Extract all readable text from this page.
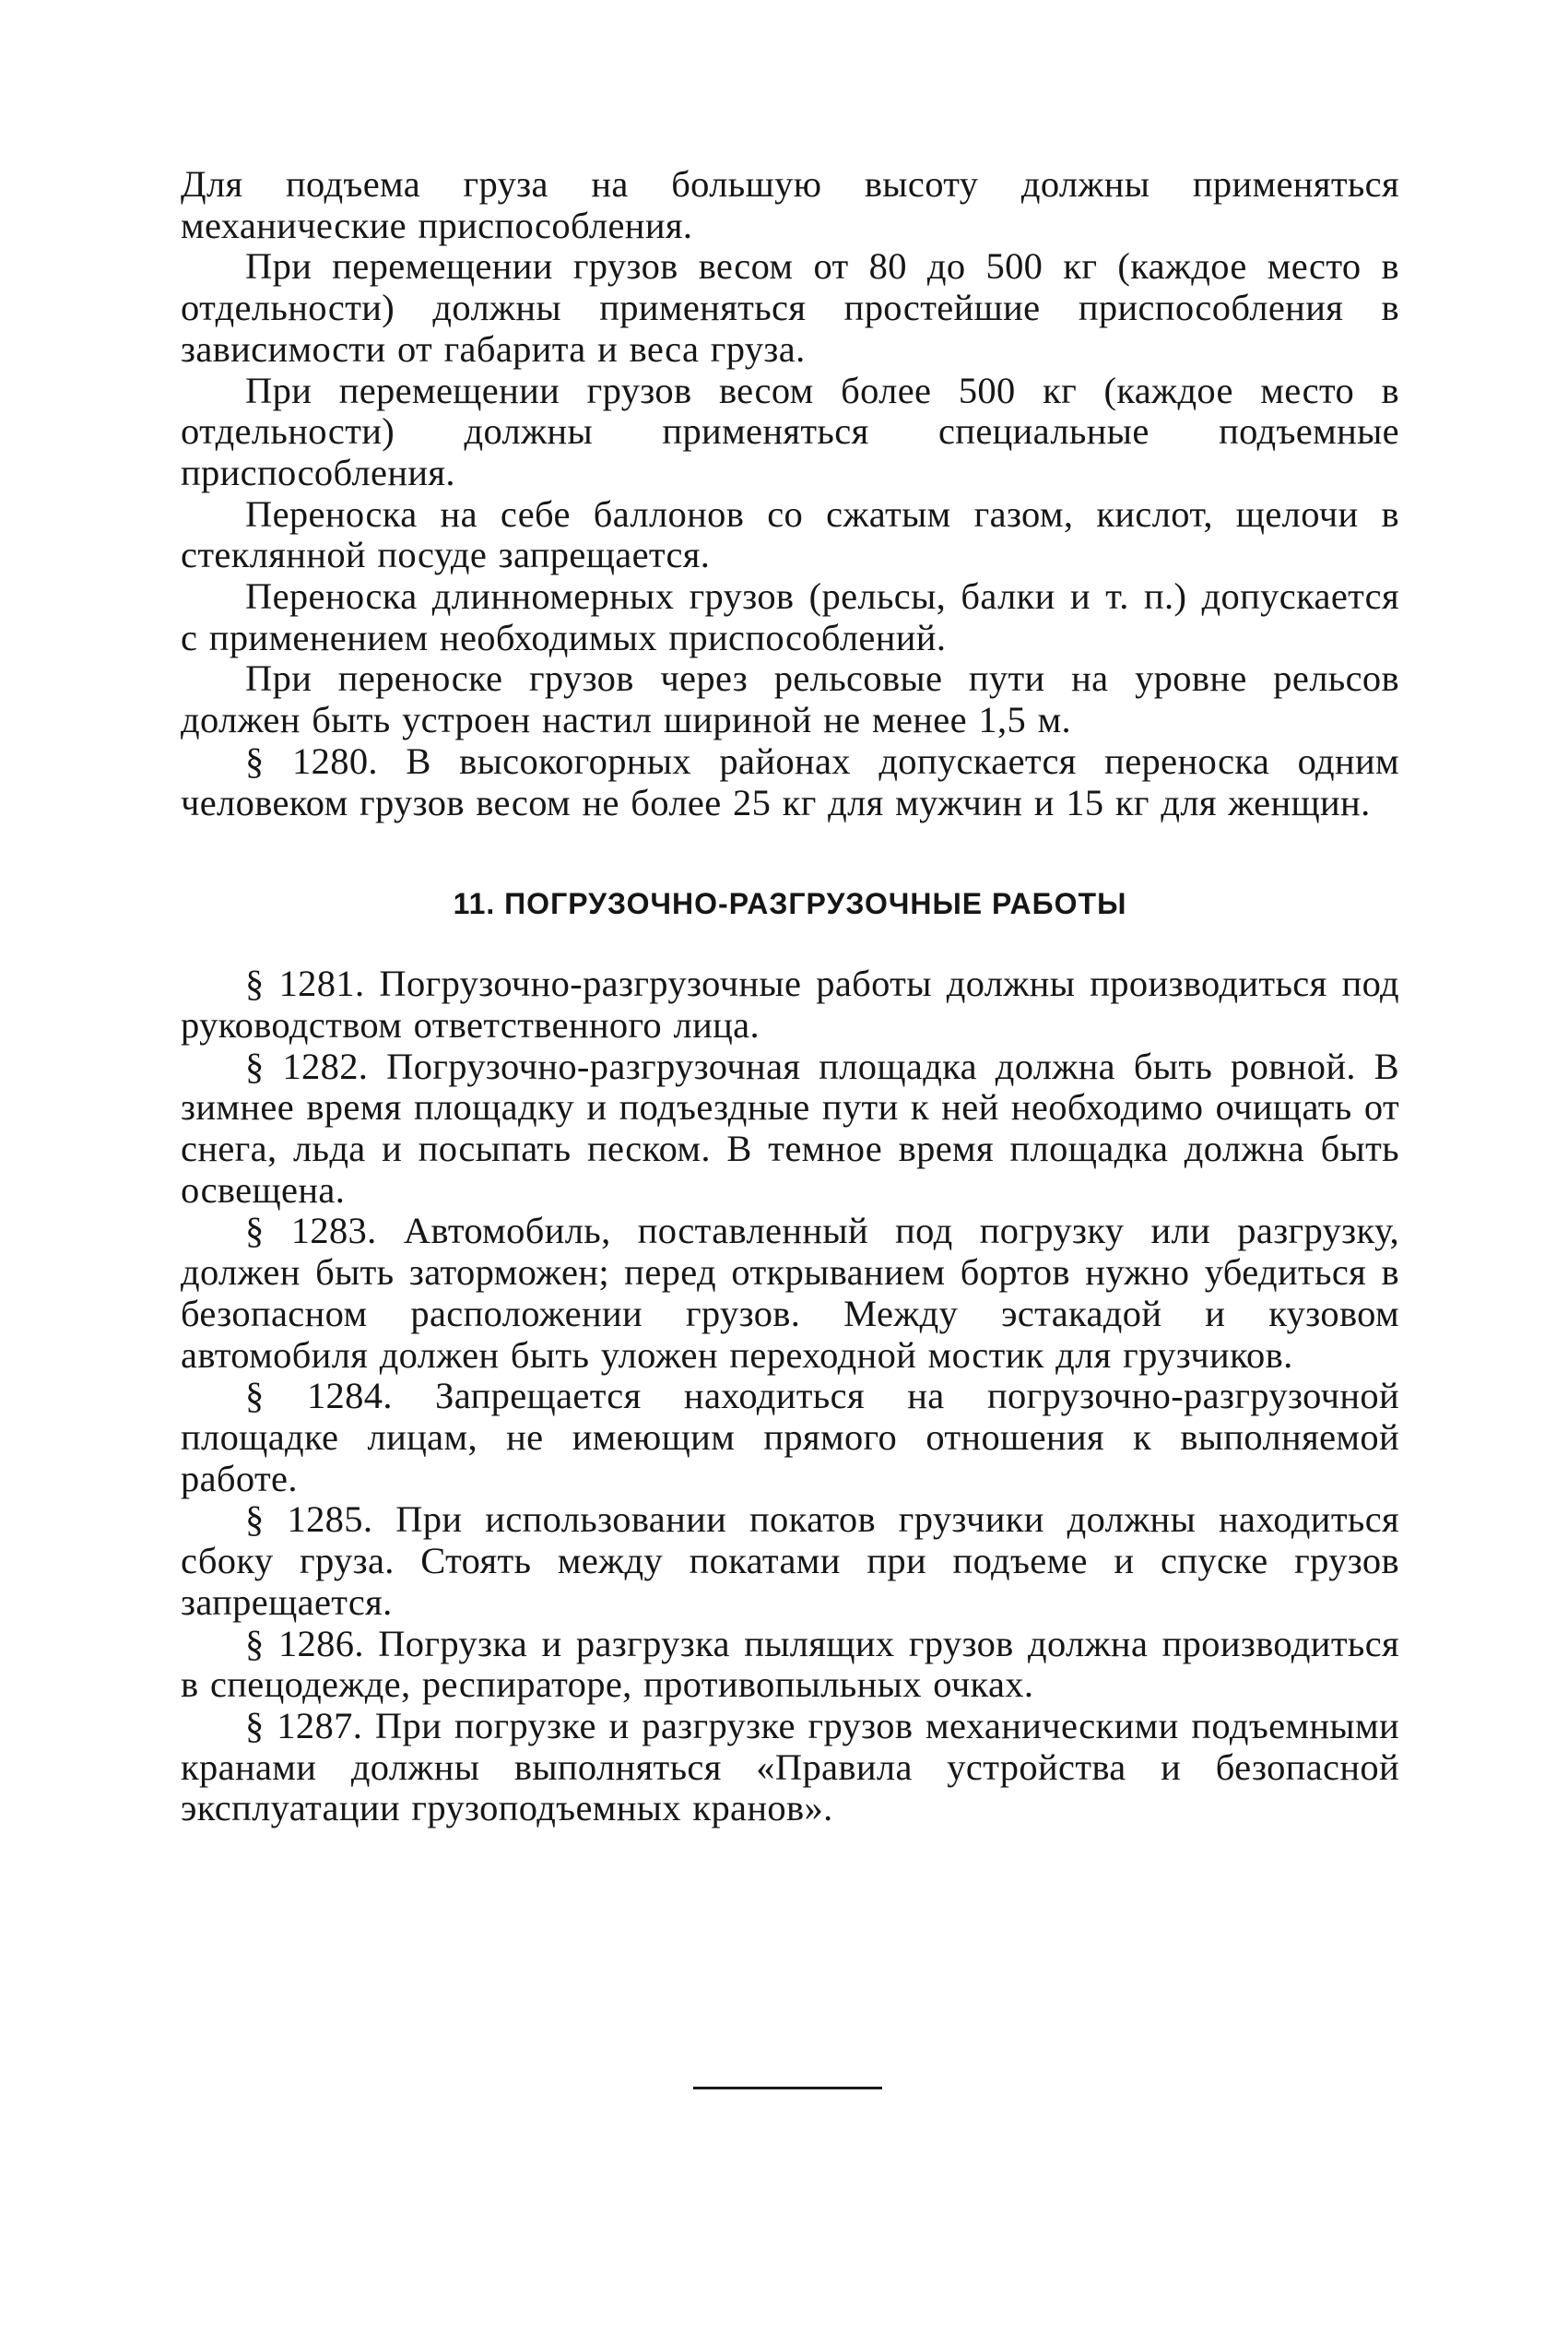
Для подъема груза на большую высоту должны применяться механические приспособления.

При перемещении грузов весом от 80 до 500 кг (каждое место в отдельности) должны применяться простейшие приспособления в зависимости от габарита и веса груза.

При перемещении грузов весом более 500 кг (каждое место в отдельности) должны применяться специальные подъемные приспособления.

Переноска на себе баллонов со сжатым газом, кислот, щелочи в стеклянной посуде запрещается.

Переноска длинномерных грузов (рельсы, балки и т. п.) допускается с применением необходимых приспособлений.

При переноске грузов через рельсовые пути на уровне рельсов должен быть устроен настил шириной не менее 1,5 м.

§ 1280. В высокогорных районах допускается переноска одним человеком грузов весом не более 25 кг для мужчин и 15 кг для женщин.

11. ПОГРУЗОЧНО-РАЗГРУЗОЧНЫЕ РАБОТЫ

§ 1281. Погрузочно-разгрузочные работы должны производиться под руководством ответственного лица.

§ 1282. Погрузочно-разгрузочная площадка должна быть ровной. В зимнее время площадку и подъездные пути к ней необходимо очищать от снега, льда и посыпать песком. В темное время площадка должна быть освещена.

§ 1283. Автомобиль, поставленный под погрузку или разгрузку, должен быть заторможен; перед открыванием бортов нужно убедиться в безопасном расположении грузов. Между эстакадой и кузовом автомобиля должен быть уложен переходной мостик для грузчиков.

§ 1284. Запрещается находиться на погрузочно-разгрузочной площадке лицам, не имеющим прямого отношения к выполняемой работе.

§ 1285. При использовании покатов грузчики должны находиться сбоку груза. Стоять между покатами при подъеме и спуске грузов запрещается.

§ 1286. Погрузка и разгрузка пылящих грузов должна производиться в спецодежде, респираторе, противопыльных очках.

§ 1287. При погрузке и разгрузке грузов механическими подъемными кранами должны выполняться «Правила устройства и безопасной эксплуатации грузоподъемных кранов».
